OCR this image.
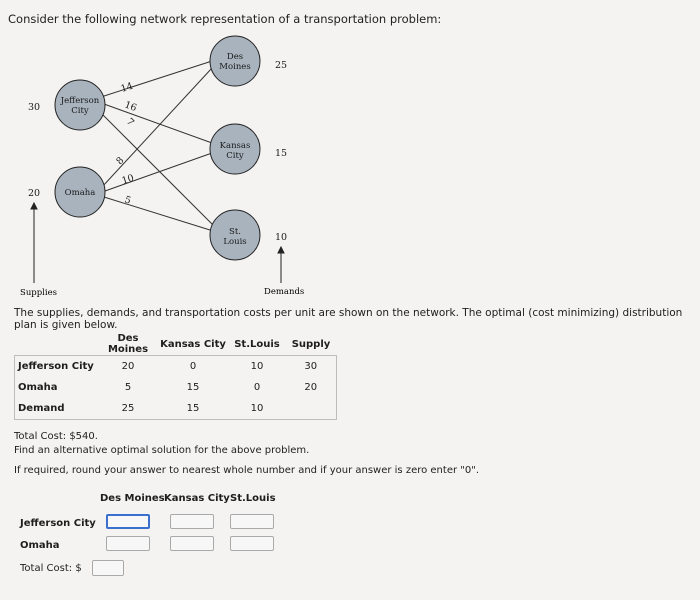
Consider the following network representation of a transportation problem:
14
16
7
8
10
5
Jefferson
City
Omaha
Des
Moines
Kansas
City
St.
Louis
30
20
25
15
10
Supplies	Demands
The supplies, demands, and transportation costs per unit are shown on the network. The optimal (cost minimizing) distribution plan is given below.
	Des Moines	Kansas City	St.Louis	Supply
Jefferson City	20	0	10	30
Omaha	5	15	0	20
Demand	25	15	10	
Total Cost: $540.
Find an alternative optimal solution for the above problem.
If required, round your answer to nearest whole number and if your answer is zero enter "0".
Des Moines Kansas City St.Louis
Jefferson City
Omaha
Total Cost: $
